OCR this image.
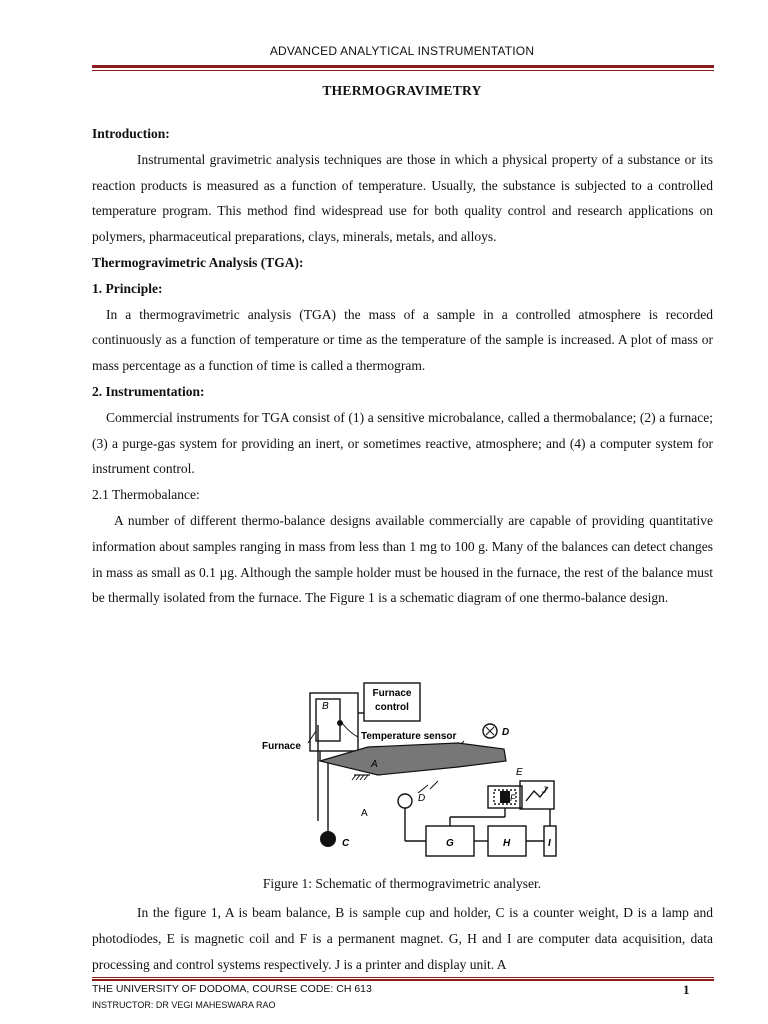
ADVANCED ANALYTICAL INSTRUMENTATION
THERMOGRAVIMETRY

Introduction:

Instrumental gravimetric analysis techniques are those in which a physical property of a substance or its reaction products is measured as a function of temperature. Usually, the substance is subjected to a controlled temperature program. This method find widespread use for both quality control and research applications on polymers, pharmaceutical preparations, clays, minerals, metals, and alloys.

Thermogravimetric Analysis (TGA):

1. Principle:

In a thermogravimetric analysis (TGA) the mass of a sample in a controlled atmosphere is recorded continuously as a function of temperature or time as the temperature of the sample is increased. A plot of mass or mass percentage as a function of time is called a thermogram.

2. Instrumentation:

Commercial instruments for TGA consist of (1) a sensitive microbalance, called a thermobalance; (2) a furnace; (3) a purge-gas system for providing an inert, or sometimes reactive, atmosphere; and (4) a computer system for instrument control.

2.1 Thermobalance:

A number of different thermo-balance designs available commercially are capable of providing quantitative information about samples ranging in mass from less than 1 mg to 100 g. Many of the balances can detect changes in mass as small as 0.1 µg. Although the sample holder must be housed in the furnace, the rest of the balance must be thermally isolated from the furnace. The Figure 1 is a schematic diagram of one thermo-balance design.

Furnace
control
Furnace
Temperature sensor
B
A
A
C
D
D
E
F
G	H	I
J
Figure 1: Schematic of thermogravimetric analyser.

In the figure 1, A is beam balance, B is sample cup and holder, C is a counter weight, D is a lamp and photodiodes, E is magnetic coil and F is a permanent magnet. G, H and I are computer data acquisition, data processing and control systems respectively. J is a printer and display unit. A

THE UNIVERSITY OF DODOMA, COURSE CODE: CH 613
INSTRUCTOR: DR VEGI MAHESWARA RAO
1
